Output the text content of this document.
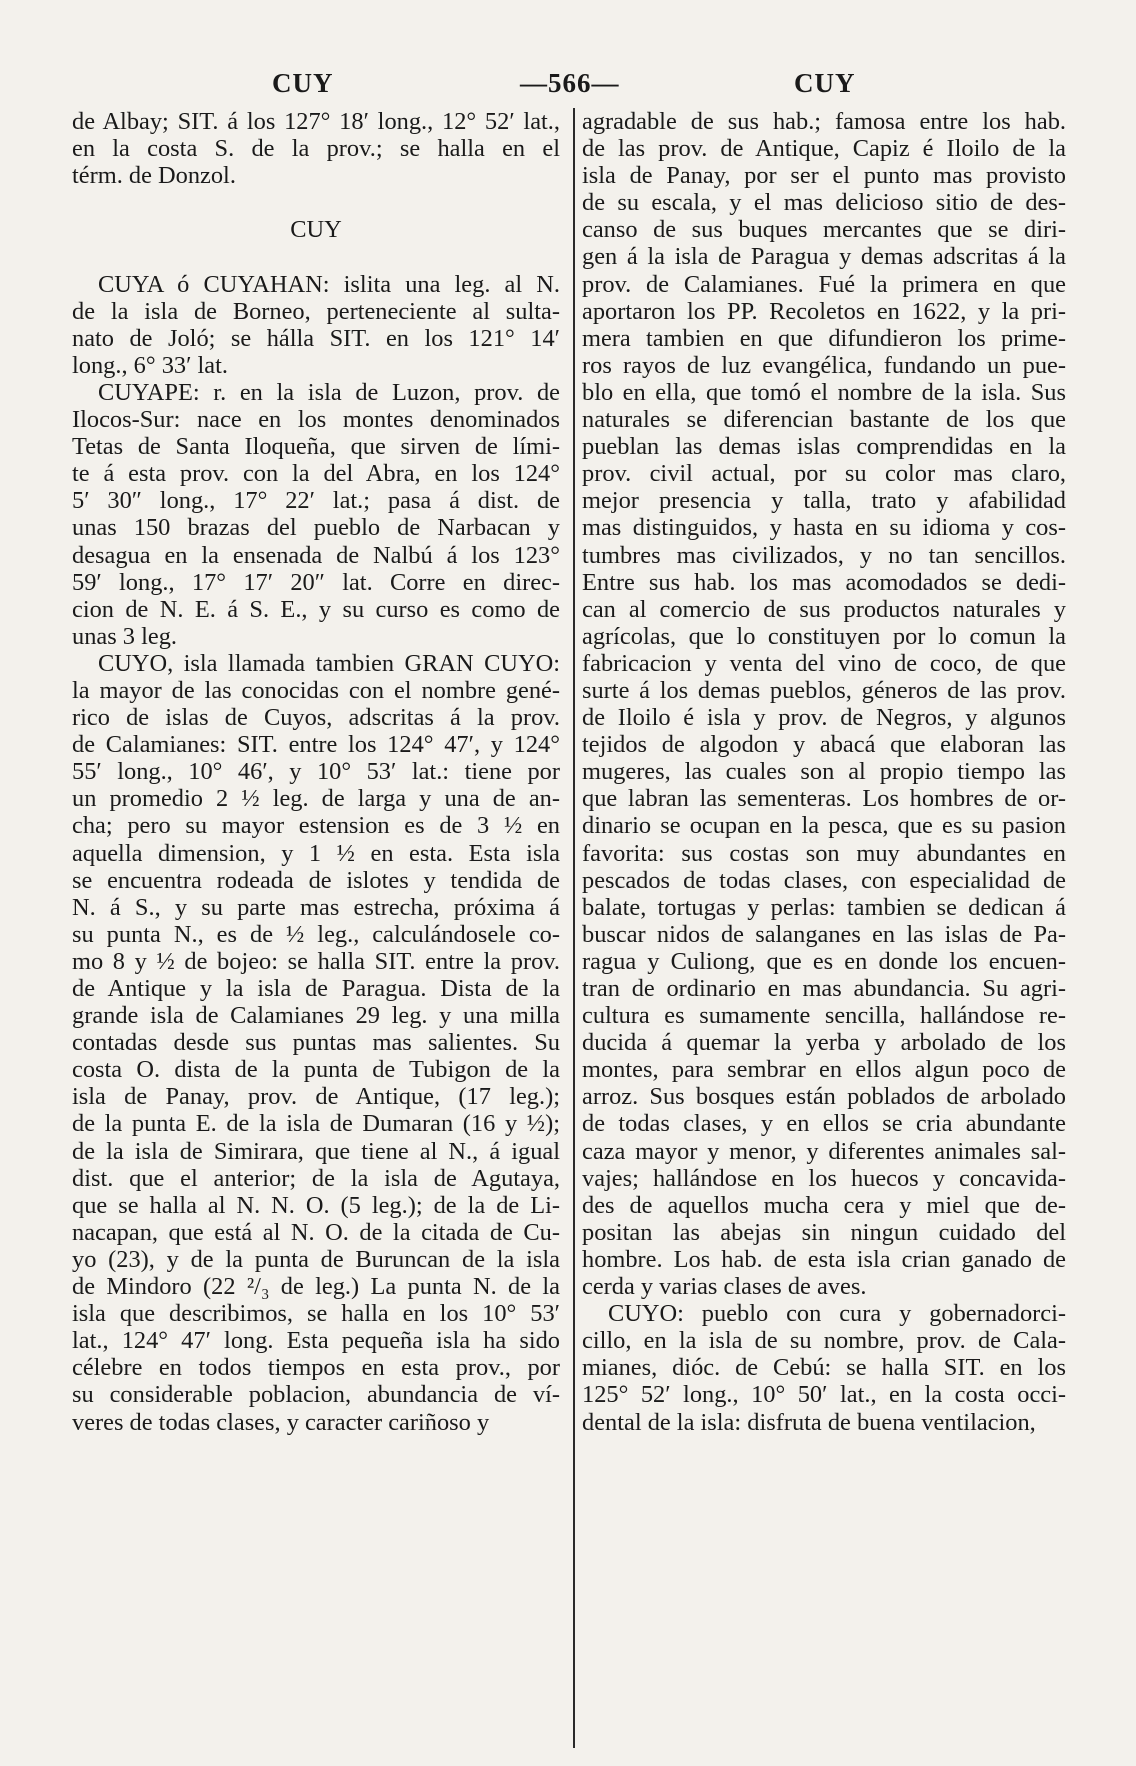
CUY	—566—	CUY
de Albay; SIT. á los 127° 18′ long., 12° 52′ lat.,
en la costa S. de la prov.; se halla en el
térm. de Donzol.
CUY
CUYA ó CUYAHAN: islita una leg. al N.
de la isla de Borneo, perteneciente al sulta-
nato de Joló; se hálla SIT. en los 121° 14′
long., 6° 33′ lat.
CUYAPE: r. en la isla de Luzon, prov. de
Ilocos-Sur: nace en los montes denominados
Tetas de Santa Iloqueña, que sirven de lími-
te á esta prov. con la del Abra, en los 124°
5′ 30″ long., 17° 22′ lat.; pasa á dist. de
unas 150 brazas del pueblo de Narbacan y
desagua en la ensenada de Nalbú á los 123°
59′ long., 17° 17′ 20″ lat. Corre en direc-
cion de N. E. á S. E., y su curso es como de
unas 3 leg.
CUYO, isla llamada tambien GRAN CUYO:
la mayor de las conocidas con el nombre gené-
rico de islas de Cuyos, adscritas á la prov.
de Calamianes: SIT. entre los 124° 47′, y 124°
55′ long., 10° 46′, y 10° 53′ lat.: tiene por
un promedio 2 ½ leg. de larga y una de an-
cha; pero su mayor estension es de 3 ½ en
aquella dimension, y 1 ½ en esta. Esta isla
se encuentra rodeada de islotes y tendida de
N. á S., y su parte mas estrecha, próxima á
su punta N., es de ½ leg., calculándosele co-
mo 8 y ½ de bojeo: se halla SIT. entre la prov.
de Antique y la isla de Paragua. Dista de la
grande isla de Calamianes 29 leg. y una milla
contadas desde sus puntas mas salientes. Su
costa O. dista de la punta de Tubigon de la
isla de Panay, prov. de Antique, (17 leg.);
de la punta E. de la isla de Dumaran (16 y ½);
de la isla de Simirara, que tiene al N., á igual
dist. que el anterior; de la isla de Agutaya,
que se halla al N. N. O. (5 leg.); de la de Li-
nacapan, que está al N. O. de la citada de Cu-
yo (23), y de la punta de Buruncan de la isla
de Mindoro (22 ²/₃ de leg.) La punta N. de la
isla que describimos, se halla en los 10° 53′
lat., 124° 47′ long. Esta pequeña isla ha sido
célebre en todos tiempos en esta prov., por
su considerable poblacion, abundancia de ví-
veres de todas clases, y caracter cariñoso y
agradable de sus hab.; famosa entre los hab.
de las prov. de Antique, Capiz é Iloilo de la
isla de Panay, por ser el punto mas provisto
de su escala, y el mas delicioso sitio de des-
canso de sus buques mercantes que se diri-
gen á la isla de Paragua y demas adscritas á la
prov. de Calamianes. Fué la primera en que
aportaron los PP. Recoletos en 1622, y la pri-
mera tambien en que difundieron los prime-
ros rayos de luz evangélica, fundando un pue-
blo en ella, que tomó el nombre de la isla. Sus
naturales se diferencian bastante de los que
pueblan las demas islas comprendidas en la
prov. civil actual, por su color mas claro,
mejor presencia y talla, trato y afabilidad
mas distinguidos, y hasta en su idioma y cos-
tumbres mas civilizados, y no tan sencillos.
Entre sus hab. los mas acomodados se dedi-
can al comercio de sus productos naturales y
agrícolas, que lo constituyen por lo comun la
fabricacion y venta del vino de coco, de que
surte á los demas pueblos, géneros de las prov.
de Iloilo é isla y prov. de Negros, y algunos
tejidos de algodon y abacá que elaboran las
mugeres, las cuales son al propio tiempo las
que labran las sementeras. Los hombres de or-
dinario se ocupan en la pesca, que es su pasion
favorita: sus costas son muy abundantes en
pescados de todas clases, con especialidad de
balate, tortugas y perlas: tambien se dedican á
buscar nidos de salanganes en las islas de Pa-
ragua y Culiong, que es en donde los encuen-
tran de ordinario en mas abundancia. Su agri-
cultura es sumamente sencilla, hallándose re-
ducida á quemar la yerba y arbolado de los
montes, para sembrar en ellos algun poco de
arroz. Sus bosques están poblados de arbolado
de todas clases, y en ellos se cria abundante
caza mayor y menor, y diferentes animales sal-
vajes; hallándose en los huecos y concavida-
des de aquellos mucha cera y miel que de-
positan las abejas sin ningun cuidado del
hombre. Los hab. de esta isla crian ganado de
cerda y varias clases de aves.
CUYO: pueblo con cura y gobernadorci-
cillo, en la isla de su nombre, prov. de Cala-
mianes, dióc. de Cebú: se halla SIT. en los
125° 52′ long., 10° 50′ lat., en la costa occi-
dental de la isla: disfruta de buena ventilacion,
